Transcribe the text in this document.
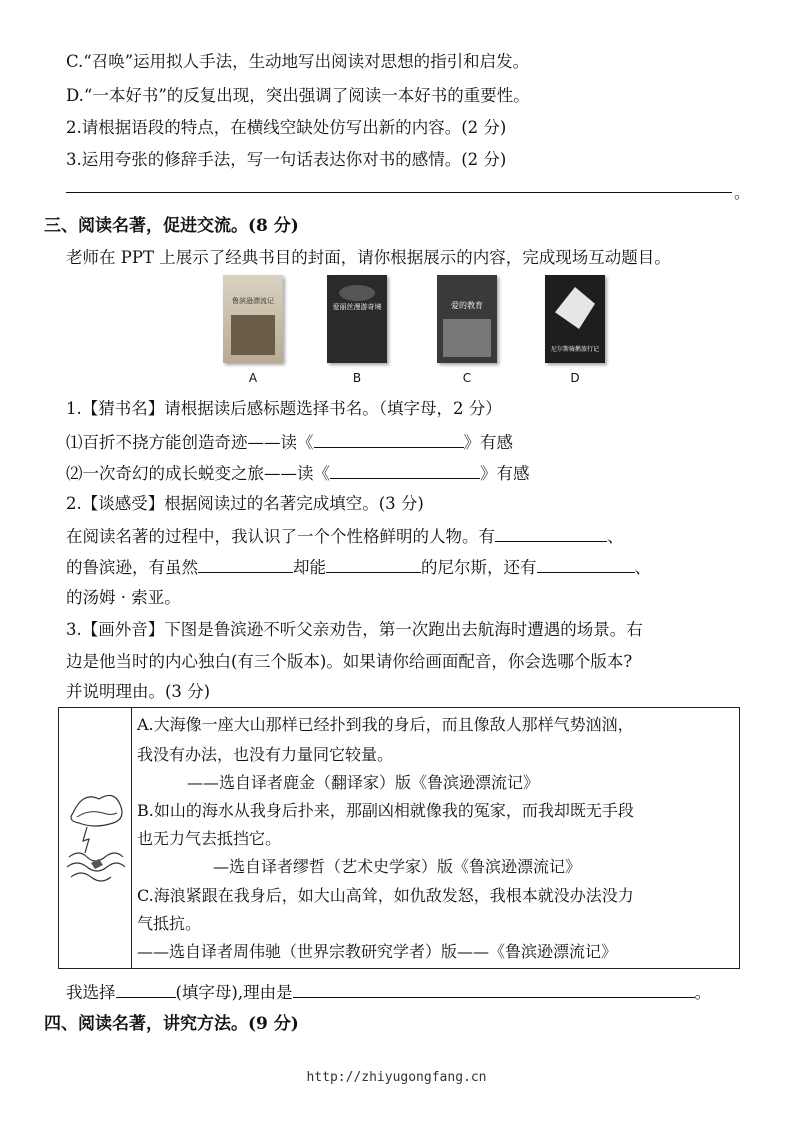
C.“召唤”运用拟人手法，生动地写出阅读对思想的指引和启发。
D.“一本好书”的反复出现，突出强调了阅读一本好书的重要性。
2.请根据语段的特点，在横线空缺处仿写出新的内容。(2 分)
3.运用夸张的修辞手法，写一句话表达你对书的感情。(2 分)
。
三、阅读名著，促进交流。(8 分)
老师在 PPT 上展示了经典书目的封面，请你根据展示的内容，完成现场互动题目。
鲁滨逊漂流记
A
爱丽丝漫游奇境
B
爱的教育
C
尼尔斯骑鹅旅行记
D
1.【猜书名】请根据读后感标题选择书名。（填字母，2 分）
⑴百折不挠方能创造奇迹——读《	》有感
⑵一次奇幻的成长蜕变之旅——读《	》有感
2.【谈感受】根据阅读过的名著完成填空。(3 分)
在阅读名著的过程中，我认识了一个个性格鲜明的人物。有	、
的鲁滨逊，有虽然	却能	的尼尔斯，还有	、
的汤姆 · 索亚。
3.【画外音】下图是鲁滨逊不听父亲劝告，第一次跑出去航海时遭遇的场景。右
边是他当时的内心独白(有三个版本)。如果请你给画面配音，你会选哪个版本?
并说明理由。(3 分)
A.大海像一座大山那样已经扑到我的身后，而且像敌人那样气势汹汹，
我没有办法，也没有力量同它较量。
——选自译者鹿金（翻译家）版《鲁滨逊漂流记》
B.如山的海水从我身后扑来，那副凶相就像我的冤家，而我却既无手段
也无力气去抵挡它。
—选自译者缪哲（艺术史学家）版《鲁滨逊漂流记》
C.海浪紧跟在我身后，如大山高耸，如仇敌发怒，我根本就没办法没力
气抵抗。
——选自译者周伟驰（世界宗教研究学者）版——《鲁滨逊漂流记》
我选择	(填字母),理由是	。
四、阅读名著，讲究方法。(9 分)
http://zhiyugongfang.cn
